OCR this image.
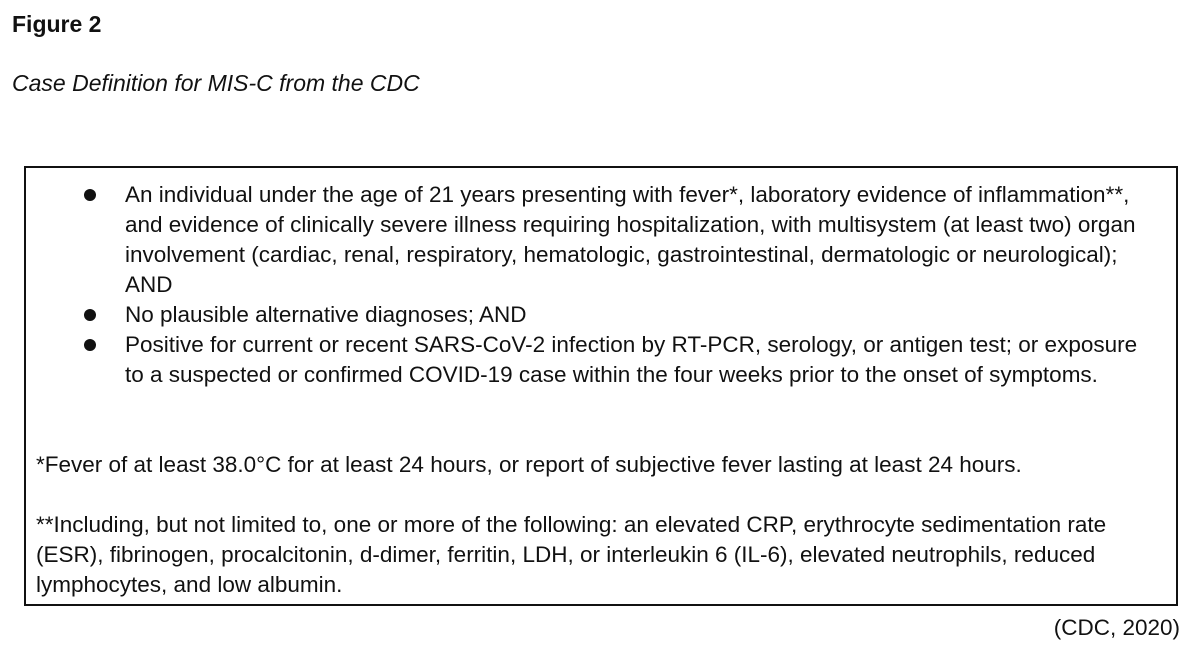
Figure 2

Case Definition for MIS-C from the CDC

An individual under the age of 21 years presenting with fever*, laboratory evidence of inflammation**, and evidence of clinically severe illness requiring hospitalization, with multisystem (at least two) organ involvement (cardiac, renal, respiratory, hematologic, gastrointestinal, dermatologic or neurological); AND
No plausible alternative diagnoses; AND
Positive for current or recent SARS-CoV-2 infection by RT-PCR, serology, or antigen test; or exposure to a suspected or confirmed COVID-19 case within the four weeks prior to the onset of symptoms.

*Fever of at least 38.0°C for at least 24 hours, or report of subjective fever lasting at least 24 hours.

**Including, but not limited to, one or more of the following: an elevated CRP, erythrocyte sedimentation rate (ESR), fibrinogen, procalcitonin, d-dimer, ferritin, LDH, or interleukin 6 (IL-6), elevated neutrophils, reduced lymphocytes, and low albumin.

(CDC, 2020)
